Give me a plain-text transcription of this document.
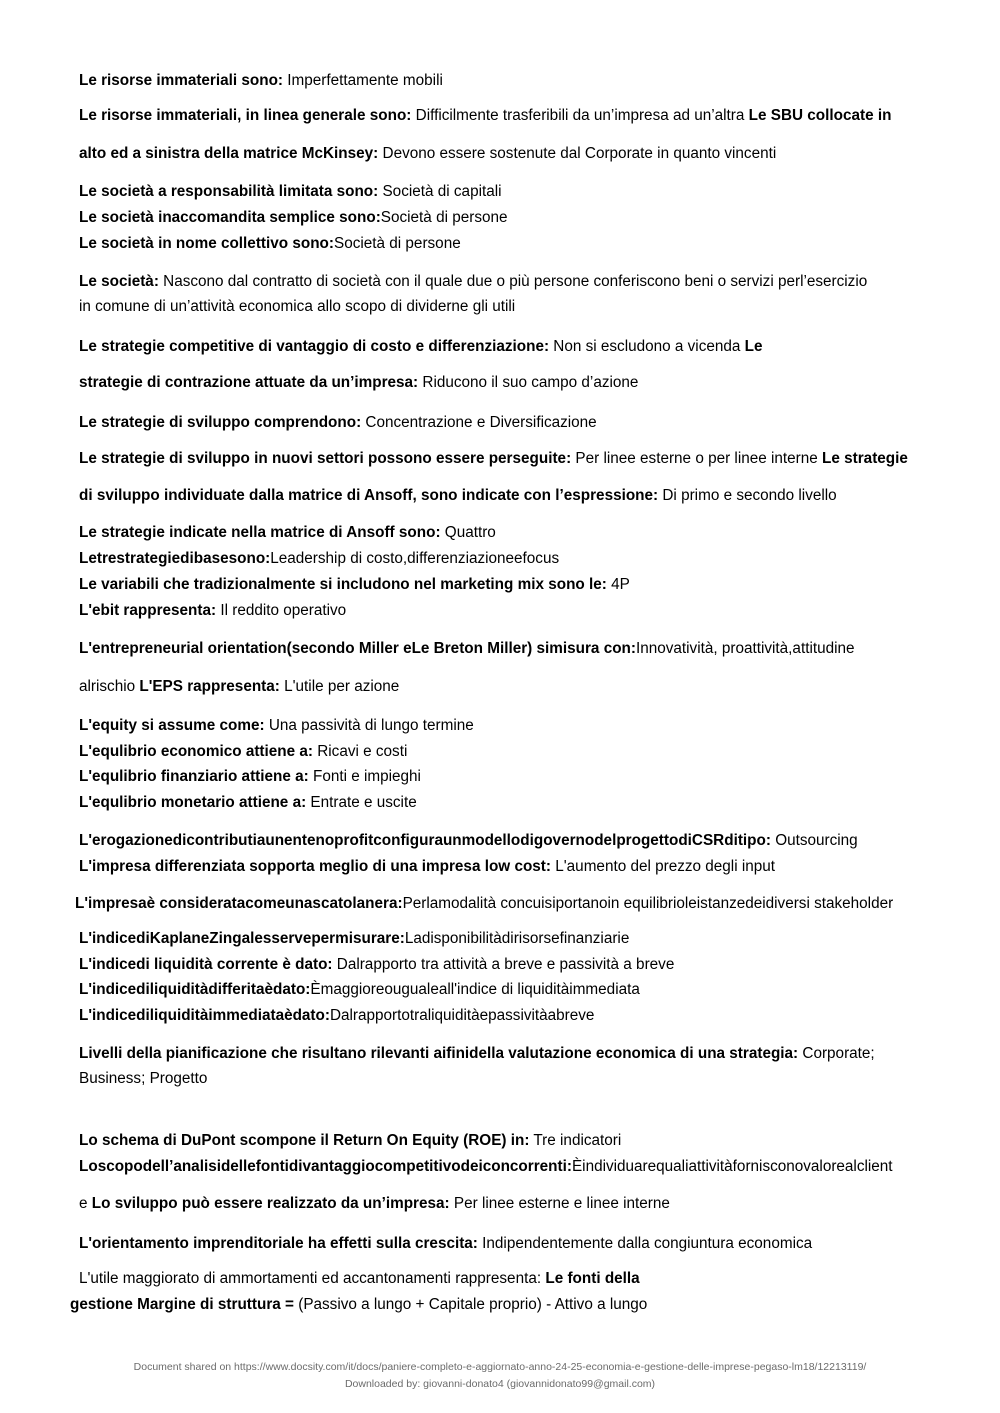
Le risorse immateriali sono: Imperfettamente mobili
Le risorse immateriali, in linea generale sono: Difficilmente trasferibili da un’impresa ad un’altra Le SBU collocate in
alto ed a sinistra della matrice McKinsey: Devono essere sostenute dal Corporate in quanto vincenti
Le società a responsabilità limitata sono: Società di capitali
Le società inaccomandita semplice sono:Società di persone
Le società in nome collettivo sono:Società di persone
Le società: Nascono dal contratto di società con il quale due o più persone conferiscono beni o servizi perl’esercizio
in comune di un’attività economica allo scopo di dividerne gli utili
Le strategie competitive di vantaggio di costo e differenziazione: Non si escludono a vicenda Le
strategie di contrazione attuate da un’impresa: Riducono il suo campo d’azione
Le strategie di sviluppo comprendono: Concentrazione e Diversificazione
Le strategie di sviluppo in nuovi settori possono essere perseguite: Per linee esterne o per linee interne Le strategie
di sviluppo individuate dalla matrice di Ansoff, sono indicate con l’espressione: Di primo e secondo livello
Le strategie indicate nella matrice di Ansoff sono: Quattro
Letrestrategiedibasesono:Leadership di costo,differenziazioneefocus
Le variabili che tradizionalmente si includono nel marketing mix sono le: 4P
L'ebit rappresenta: Il reddito operativo
L'entrepreneurial orientation(secondo Miller eLe Breton Miller) simisura con:Innovatività, proattività,attitudine
alrischio L'EPS rappresenta: L'utile per azione
L'equity si assume come: Una passività di lungo termine
L'equlibrio economico attiene a: Ricavi e costi
L'equlibrio finanziario attiene a: Fonti e impieghi
L'equlibrio monetario attiene a: Entrate e uscite
L'erogazionedicontributiaunentenoprofitconfiguraunmodellodigovernodelprogettodiCSRditipo: Outsourcing
L'impresa differenziata sopporta meglio di una impresa low cost: L'aumento del prezzo degli input
L'impresaè consideratacomeunascatolanera:Perlamodalità concuisiportanoin equilibrioleistanzedeidiversi stakeholder
L'indicediKaplaneZingalesservepermisurare:Ladisponibilitàdirisorsefinanziarie
L'indicedi liquidità corrente è dato: Dalrapporto tra attività a breve e passività a breve
L'indicediliquiditàdifferitaèdato:Èmaggioreougualeall'indice di liquiditàimmediata
L'indicediliquiditàimmediataèdato:Dalrapportotraliquiditàepassivitàabreve
Livelli della pianificazione che risultano rilevanti aifinidella valutazione economica di una strategia: Corporate;
Business; Progetto
Lo schema di DuPont scompone il Return On Equity (ROE) in: Tre indicatori
Loscopodell’analisidellefontidivantaggiocompetitivodeiconcorrenti:Èindividuarequaliattivitàfornisconovalorealclient
e Lo sviluppo può essere realizzato da un’impresa: Per linee esterne e linee interne
L'orientamento imprenditoriale ha effetti sulla crescita: Indipendentemente dalla congiuntura economica
L'utile maggiorato di ammortamenti ed accantonamenti rappresenta: Le fonti della
gestione Margine di struttura = (Passivo a lungo + Capitale proprio) - Attivo a lungo
Document shared on https://www.docsity.com/it/docs/paniere-completo-e-aggiornato-anno-24-25-economia-e-gestione-delle-imprese-pegaso-lm18/12213119/
Downloaded by: giovanni-donato4 (giovannidonato99@gmail.com)
